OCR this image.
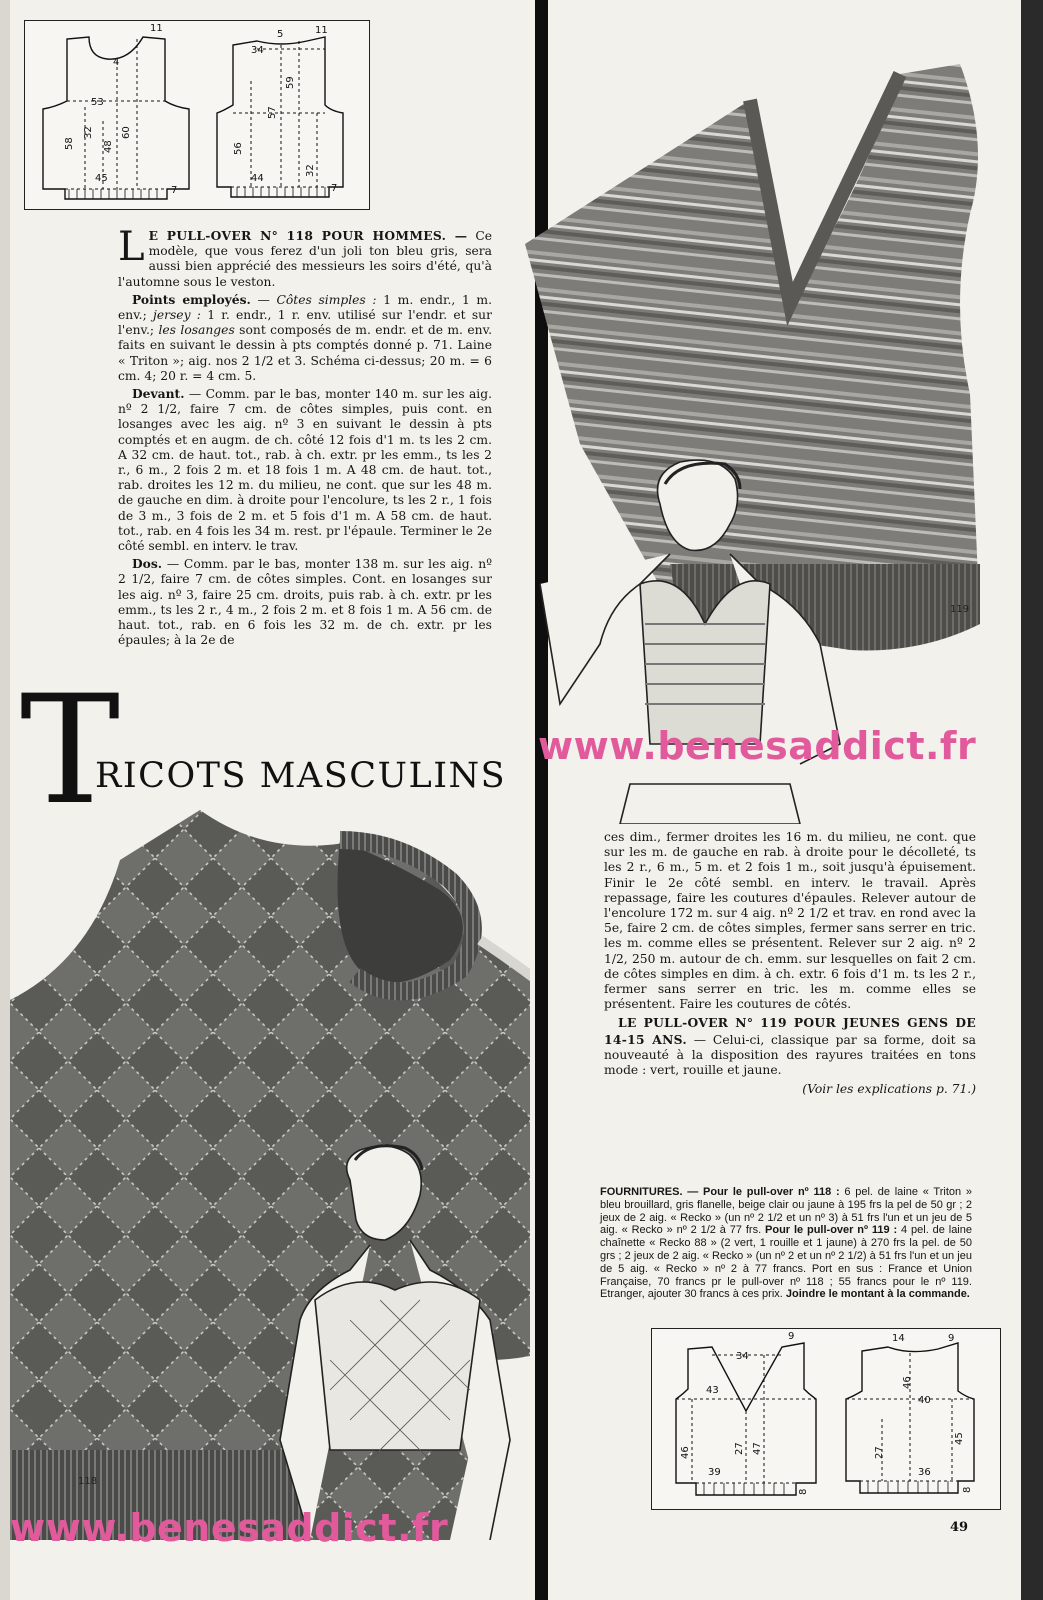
11
4
53
58
32
48
60
45
7
5	11
34
56
57
59
32
44
7

L E PULL-OVER N° 118 POUR HOMMES. — Ce modèle, que vous ferez d'un joli ton bleu gris, sera aussi bien apprécié des messieurs les soirs d'été, qu'à l'automne sous le veston.

Points employés. — Côtes simples : 1 m. endr., 1 m. env.; jersey : 1 r. endr., 1 r. env. utilisé sur l'endr. et sur l'env.; les losanges sont composés de m. endr. et de m. env. faits en suivant le dessin à pts comptés donné p. 71. Laine « Triton »; aig. nos 2 1/2 et 3. Schéma ci-dessus; 20 m. = 6 cm. 4; 20 r. = 4 cm. 5.

Devant. — Comm. par le bas, monter 140 m. sur les aig. nº 2 1/2, faire 7 cm. de côtes simples, puis cont. en losanges avec les aig. nº 3 en suivant le dessin à pts comptés et en augm. de ch. côté 12 fois d'1 m. ts les 2 cm. A 32 cm. de haut. tot., rab. à ch. extr. pr les emm., ts les 2 r., 6 m., 2 fois 2 m. et 18 fois 1 m. A 48 cm. de haut. tot., rab. droites les 12 m. du milieu, ne cont. que sur les 48 m. de gauche en dim. à droite pour l'encolure, ts les 2 r., 1 fois de 3 m., 3 fois de 2 m. et 5 fois d'1 m. A 58 cm. de haut. tot., rab. en 4 fois les 34 m. rest. pr l'épaule. Terminer le 2e côté sembl. en interv. le trav.

Dos. — Comm. par le bas, monter 138 m. sur les aig. nº 2 1/2, faire 7 cm. de côtes simples. Cont. en losanges sur les aig. nº 3, faire 25 cm. droits, puis rab. à ch. extr. pr les emm., ts les 2 r., 4 m., 2 fois 2 m. et 8 fois 1 m. A 56 cm. de haut. tot., rab. en 6 fois les 32 m. de ch. extr. pr les épaules; à la 2e de

T
RICOTS MASCULINS
118
119
www.benesaddict.fr
www.benesaddict.fr

ces dim., fermer droites les 16 m. du milieu, ne cont. que sur les m. de gauche en rab. à droite pour le décolleté, ts les 2 r., 6 m., 5 m. et 2 fois 1 m., soit jusqu'à épuisement. Finir le 2e côté sembl. en interv. le travail. Après repassage, faire les coutures d'épaules. Relever autour de l'encolure 172 m. sur 4 aig. nº 2 1/2 et trav. en rond avec la 5e, faire 2 cm. de côtes simples, fermer sans serrer en tric. les m. comme elles se présentent. Relever sur 2 aig. nº 2 1/2, 250 m. autour de ch. emm. sur lesquelles on fait 2 cm. de côtes simples en dim. à ch. extr. 6 fois d'1 m. ts les 2 r., fermer sans serrer en tric. les m. comme elles se présentent. Faire les coutures de côtés.

LE PULL-OVER N° 119 POUR JEUNES GENS DE 14-15 ANS. — Celui-ci, classique par sa forme, doit sa nouveauté à la disposition des rayures traitées en tons mode : vert, rouille et jaune.

(Voir les explications p. 71.)

FOURNITURES. — Pour le pull-over nº 118 : 6 pel. de laine « Triton » bleu brouillard, gris flanelle, beige clair ou jaune à 195 frs la pel de 50 gr ; 2 jeux de 2 aig. « Recko » (un nº 2 1/2 et un nº 3) à 51 frs l'un et un jeu de 5 aig. « Recko » nº 2 1/2 à 77 frs. Pour le pull-over nº 119 : 4 pel. de laine chaînette « Recko 88 » (2 vert, 1 rouille et 1 jaune) à 270 frs la pel. de 50 grs ; 2 jeux de 2 aig. « Recko » (un nº 2 et un nº 2 1/2) à 51 frs l'un et un jeu de 5 aig. « Recko » nº 2 à 77 francs. Port en sus : France et Union Française, 70 francs pr le pull-over nº 118 ; 55 francs pour le nº 119. Etranger, ajouter 30 francs à ces prix. Joindre le montant à la commande.
9
34
43
46	27 47
39
8
14	9
46
40
27
45
36
8
49
